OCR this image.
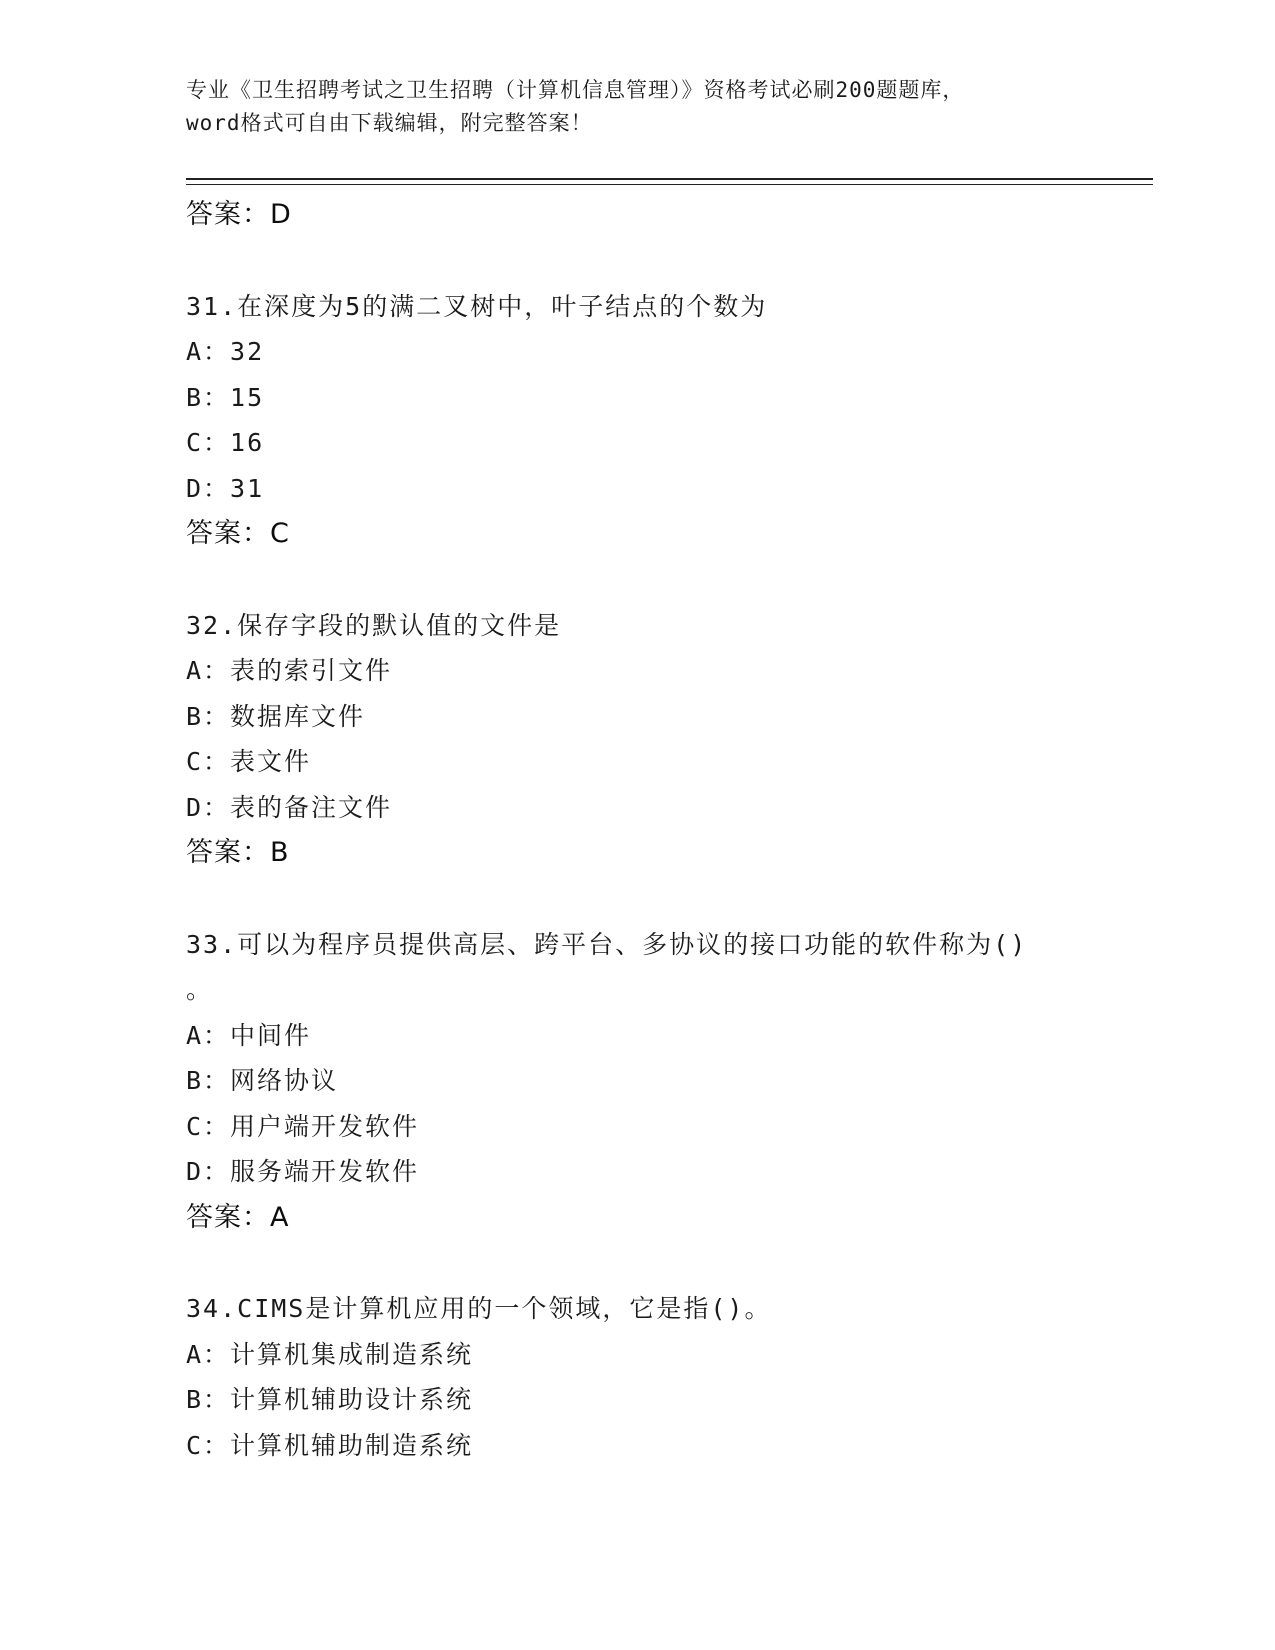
专业《卫生招聘考试之卫生招聘（计算机信息管理）》资格考试必刷200题题库，
word格式可自由下载编辑，附完整答案！
答案：D
31.在深度为5的满二叉树中，叶子结点的个数为
A：32
B：15
C：16
D：31
答案：C
32.保存字段的默认值的文件是
A：表的索引文件
B：数据库文件
C：表文件
D：表的备注文件
答案：B
33.可以为程序员提供高层、跨平台、多协议的接口功能的软件称为()
。
A：中间件
B：网络协议
C：用户端开发软件
D：服务端开发软件
答案：A
34.CIMS是计算机应用的一个领域，它是指()。
A：计算机集成制造系统
B：计算机辅助设计系统
C：计算机辅助制造系统
